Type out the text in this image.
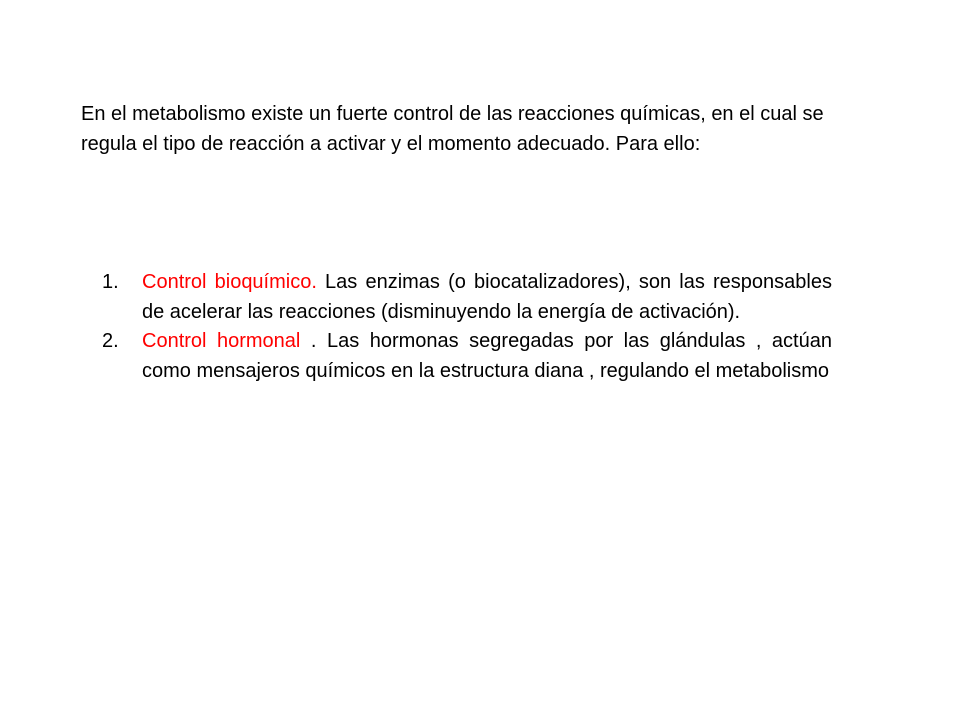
En el metabolismo existe un fuerte control de las reacciones químicas, en el cual se regula el tipo de reacción a activar y el momento adecuado. Para ello:

1. Control bioquímico. Las enzimas (o biocatalizadores), son las responsables de acelerar las reacciones (disminuyendo la energía de activación).
2. Control hormonal . Las hormonas segregadas por las glándulas , actúan como mensajeros químicos en la estructura diana , regulando el metabolismo
